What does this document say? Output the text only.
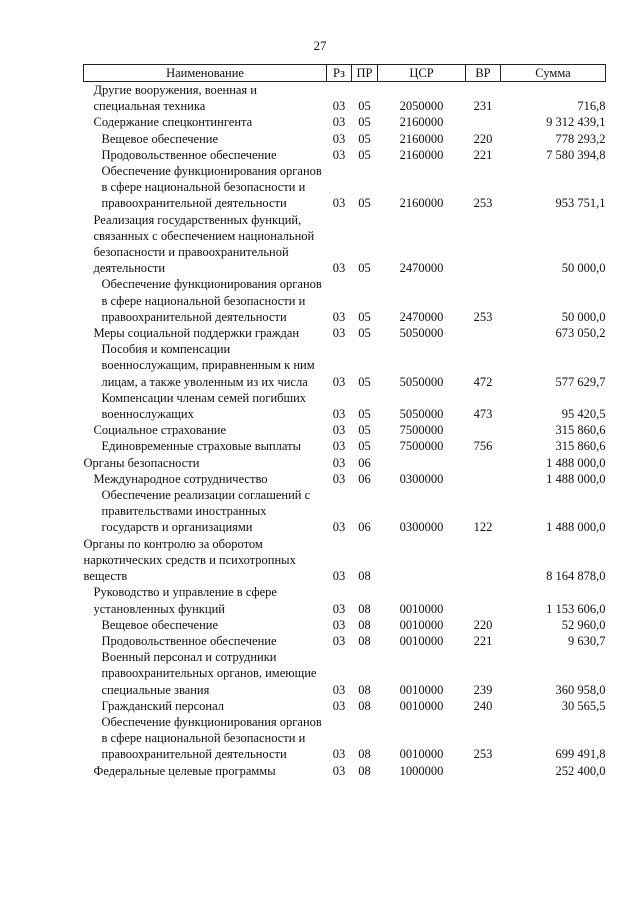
27
Наименование	Рз	ПР	ЦСР	ВР	Сумма
Другие вооружения, военная и специальная техника	03	05	2050000	231	716,8
Содержание спецконтингента	03	05	2160000		9 312 439,1
Вещевое обеспечение	03	05	2160000	220	778 293,2
Продовольственное обеспечение	03	05	2160000	221	7 580 394,8
Обеспечение функционирования органов в сфере национальной безопасности и правоохранительной деятельности	03	05	2160000	253	953 751,1
Реализация государственных функций, связанных с обеспечением национальной безопасности и правоохранительной деятельности	03	05	2470000		50 000,0
Обеспечение функционирования органов в сфере национальной безопасности и правоохранительной деятельности	03	05	2470000	253	50 000,0
Меры социальной поддержки граждан	03	05	5050000		673 050,2
Пособия и компенсации военнослужащим, приравненным к ним лицам, а также уволенным из их числа	03	05	5050000	472	577 629,7
Компенсации членам семей погибших военнослужащих	03	05	5050000	473	95 420,5
Социальное страхование	03	05	7500000		315 860,6
Единовременные страховые выплаты	03	05	7500000	756	315 860,6
Органы безопасности	03	06			1 488 000,0
Международное сотрудничество	03	06	0300000		1 488 000,0
Обеспечение реализации соглашений с правительствами иностранных государств и организациями	03	06	0300000	122	1 488 000,0
Органы по контролю за оборотом наркотических средств и психотропных веществ	03	08			8 164 878,0
Руководство и управление в сфере установленных функций	03	08	0010000		1 153 606,0
Вещевое обеспечение	03	08	0010000	220	52 960,0
Продовольственное обеспечение	03	08	0010000	221	9 630,7
Военный персонал и сотрудники правоохранительных органов, имеющие специальные звания	03	08	0010000	239	360 958,0
Гражданский персонал	03	08	0010000	240	30 565,5
Обеспечение функционирования органов в сфере национальной безопасности и правоохранительной деятельности	03	08	0010000	253	699 491,8
Федеральные целевые программы	03	08	1000000		252 400,0
